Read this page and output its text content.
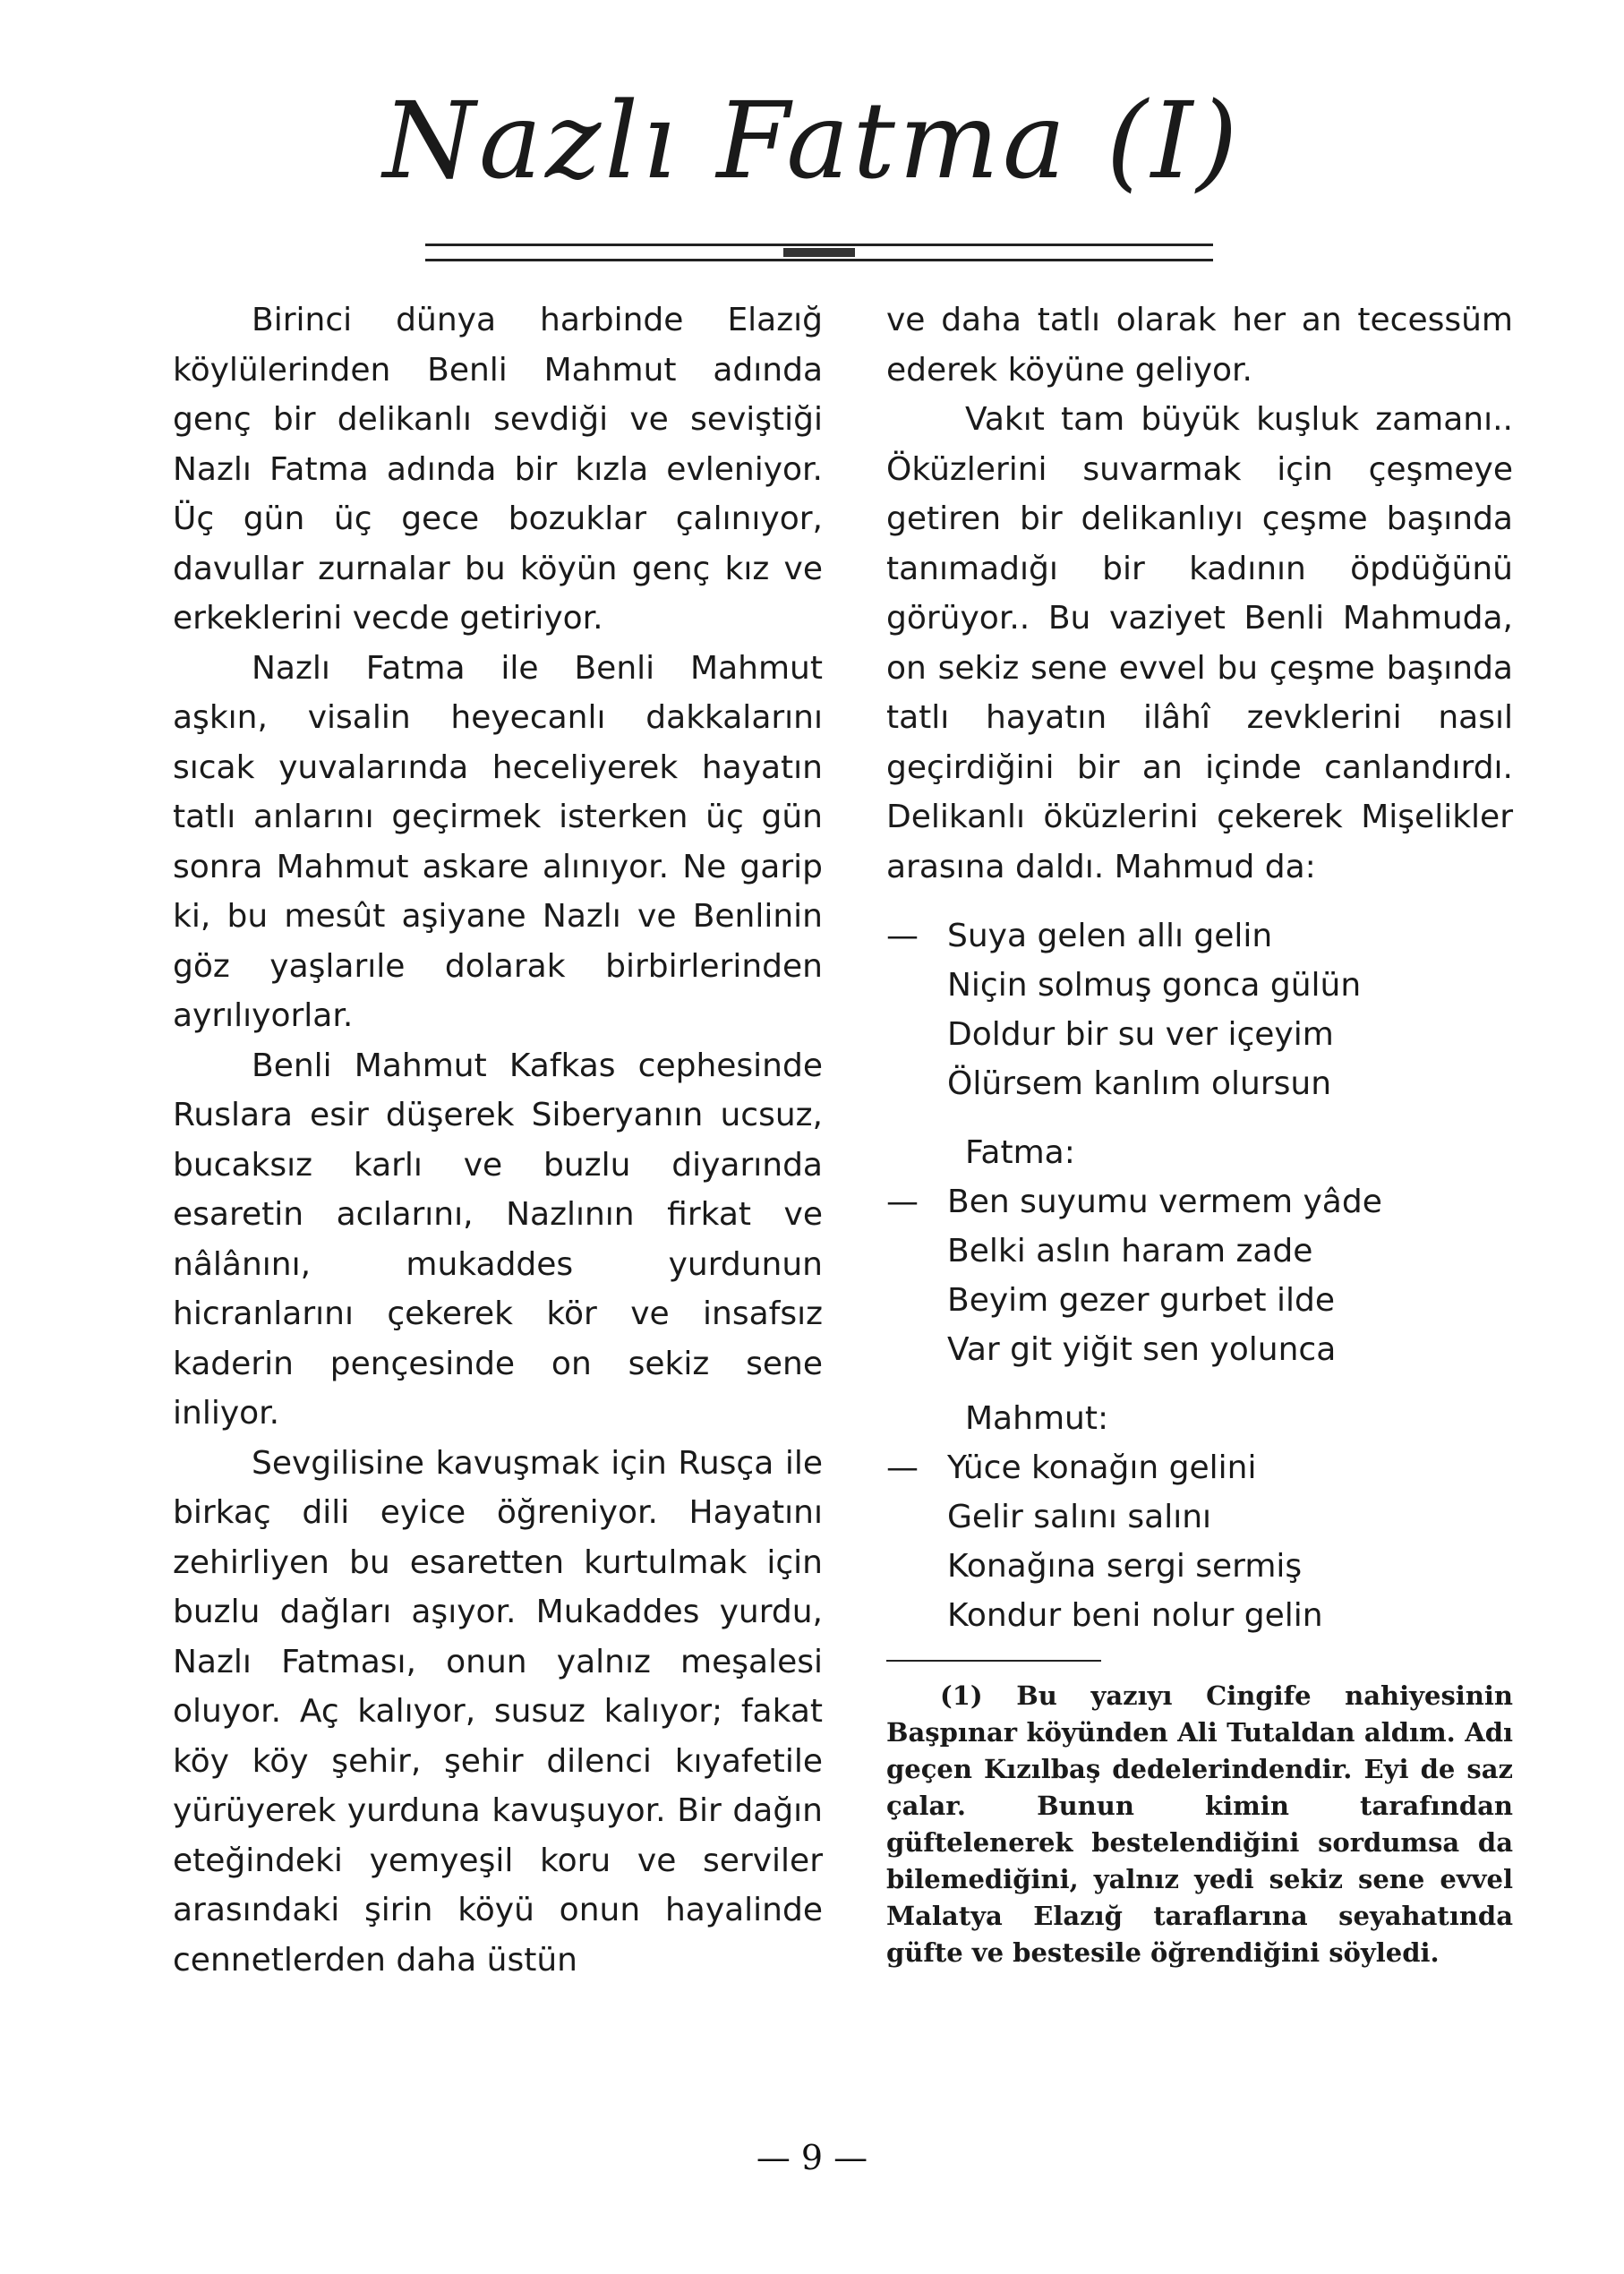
Nazlı Fatma (I)

Birinci dünya harbinde Elazığ köylülerinden Benli Mahmut adında genç bir delikanlı sevdiği ve seviştiği Nazlı Fatma adında bir kızla evleniyor. Üç gün üç gece bozuklar çalınıyor, davullar zurnalar bu köyün genç kız ve erkeklerini vecde getiriyor.

Nazlı Fatma ile Benli Mahmut aşkın, visalin heyecanlı dakkalarını sıcak yuvalarında heceliyerek hayatın tatlı anlarını geçirmek isterken üç gün sonra Mahmut askare alınıyor. Ne garip ki, bu mesût aşiyane Nazlı ve Benlinin göz yaşlarıle dolarak birbirlerinden ayrılıyorlar.

Benli Mahmut Kafkas cephesinde Ruslara esir düşerek Siberyanın ucsuz, bucaksız karlı ve buzlu diyarında esaretin acılarını, Nazlının firkat ve nâlânını, mukaddes yurdunun hicranlarını çekerek kör ve insafsız kaderin pençesinde on sekiz sene inliyor.

Sevgilisine kavuşmak için Rusça ile birkaç dili eyice öğreniyor. Hayatını zehirliyen bu esaretten kurtulmak için buzlu dağları aşıyor. Mukaddes yurdu, Nazlı Fatması, onun yalnız meşalesi oluyor. Aç kalıyor, susuz kalıyor; fakat köy köy şehir, şehir dilenci kıyafetile yürüyerek yurduna kavuşuyor. Bir dağın eteğindeki yemyeşil koru ve serviler arasındaki şirin köyü onun hayalinde cennetlerden daha üstün

ve daha tatlı olarak her an tecessüm ederek köyüne geliyor.

Vakıt tam büyük kuşluk zamanı.. Öküzlerini suvarmak için çeşmeye getiren bir delikanlıyı çeşme başında tanımadığı bir kadının öpdüğünü görüyor.. Bu vaziyet Benli Mahmuda, on sekiz sene evvel bu çeşme başında tatlı hayatın ilâhî zevklerini nasıl geçirdiğini bir an içinde canlandırdı. Delikanlı öküzlerini çekerek Mişelikler arasına daldı. Mahmud da:

— Suya gelen allı gelin
Niçin solmuş gonca gülün
Doldur bir su ver içeyim
Ölürsem kanlım olursun
Fatma:
— Ben suyumu vermem yâde
Belki aslın haram zade
Beyim gezer gurbet ilde
Var git yiğit sen yolunca
Mahmut:
— Yüce konağın gelini
Gelir salını salını
Konağına sergi sermiş
Kondur beni nolur gelin
(1) Bu yazıyı Cingife nahiyesinin Başpınar köyünden Ali Tutaldan aldım. Adı geçen Kızılbaş dedelerindendir. Eyi de saz çalar. Bunun kimin tarafından güftelenerek bestelendiğini sordumsa da bilemediğini, yalnız yedi sekiz sene evvel Malatya Elazığ taraflarına seyahatında güfte ve bestesile öğrendiğini söyledi.
— 9 —
